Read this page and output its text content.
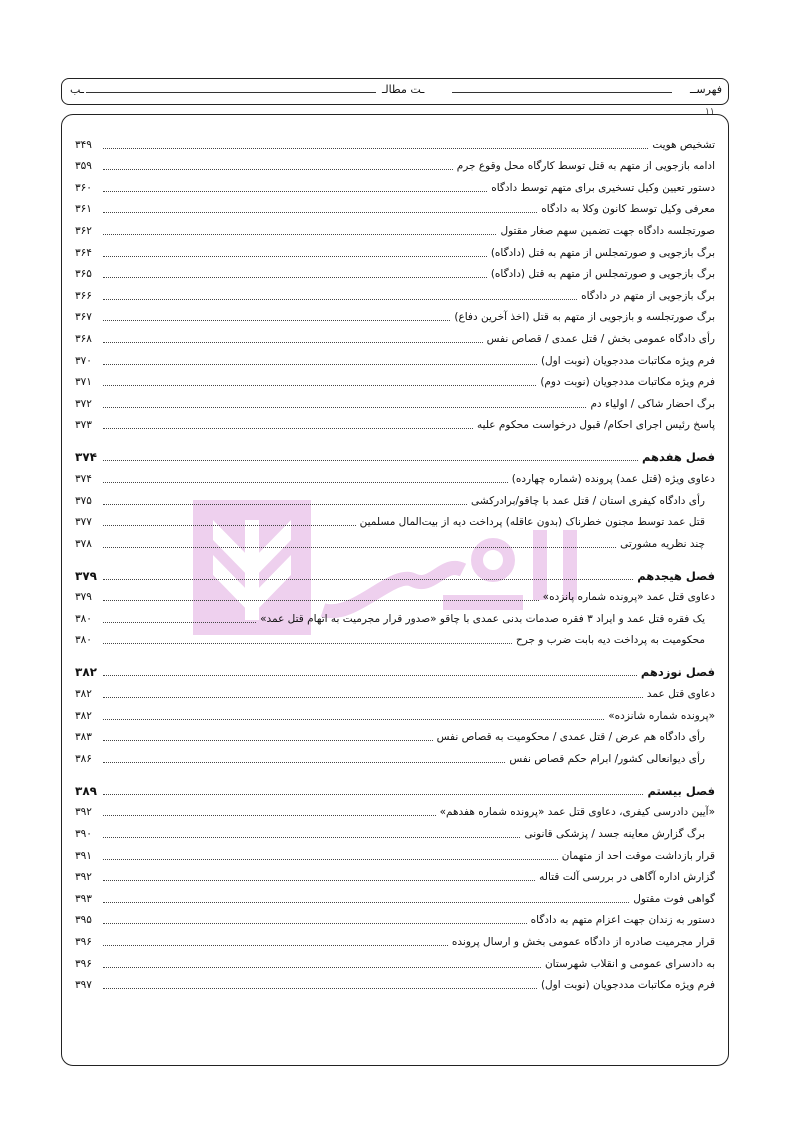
فهرســ
ـت مطالـ
ـب
۱۱
تشخیص هویت
۳۴۹
ادامه بازجویی از متهم به قتل توسط کارگاه محل وقوع جرم
۳۵۹
دستور تعیین وکیل تسخیری برای متهم توسط دادگاه
۳۶۰
معرفی وکیل توسط کانون وکلا به دادگاه
۳۶۱
صورتجلسه دادگاه جهت تضمین سهم صغار مقتول
۳۶۲
برگ بازجویی و صورتمجلس از متهم به قتل (دادگاه)
۳۶۴
برگ بازجویی و صورتمجلس از متهم به قتل (دادگاه)
۳۶۵
برگ بازجویی از متهم در دادگاه
۳۶۶
برگ صورتجلسه و بازجویی از متهم به قتل (اخذ آخرین دفاع)
۳۶۷
رأی دادگاه عمومی بخش / قتل عمدی / قصاص نفس
۳۶۸
فرم ویژه مکاتبات مددجویان (نوبت اول)
۳۷۰
فرم ویژه مکاتبات مددجویان (نوبت دوم)
۳۷۱
برگ احضار شاکی / اولیاء دم
۳۷۲
پاسخ رئیس اجرای احکام/ قبول درخواست محکوم علیه
۳۷۳
فصل هفدهم
۳۷۴
دعاوی ویژه (قتل عمد) پرونده (شماره چهارده)
۳۷۴
رأی دادگاه کیفری استان / قتل عمد با چاقو/برادرکشی
۳۷۵
قتل عمد توسط مجنون خطرناک (بدون عاقله) پرداخت دیه از بیت‌المال مسلمین
۳۷۷
چند نظریه مشورتی
۳۷۸
فصل هیجدهم
۳۷۹
دعاوی قتل عمد «پرونده شماره پانزده»
۳۷۹
یک فقره قتل عمد و ایراد ۳ فقره صدمات بدنی عمدی با چاقو «صدور قرار مجرمیت به اتهام قتل عمد»
۳۸۰
محکومیت به پرداخت دیه بابت ضرب و جرح
۳۸۰
فصل نوزدهم
۳۸۲
دعاوی قتل عمد
۳۸۲
«پرونده شماره شانزده»
۳۸۲
رأی دادگاه هم عرض / قتل عمدی / محکومیت به قصاص نفس
۳۸۳
رأی دیوانعالی کشور/ ابرام حکم قصاص نفس
۳۸۶
فصل بیستم
۳۸۹
«آیین دادرسی کیفری، دعاوی قتل عمد «پرونده شماره هفدهم»
۳۹۲
برگ گزارش معاینه جسد / پزشکی قانونی
۳۹۰
قرار بازداشت موقت احد از متهمان
۳۹۱
گزارش اداره آگاهی در بررسی آلت قتاله
۳۹۲
گواهی فوت مقتول
۳۹۳
دستور به زندان جهت اعزام متهم به دادگاه
۳۹۵
قرار مجرمیت صادره از دادگاه عمومی بخش و ارسال پرونده
۳۹۶
به دادسرای عمومی و انقلاب شهرستان
۳۹۶
فرم ویژه مکاتبات مددجویان (نوبت اول)
۳۹۷
